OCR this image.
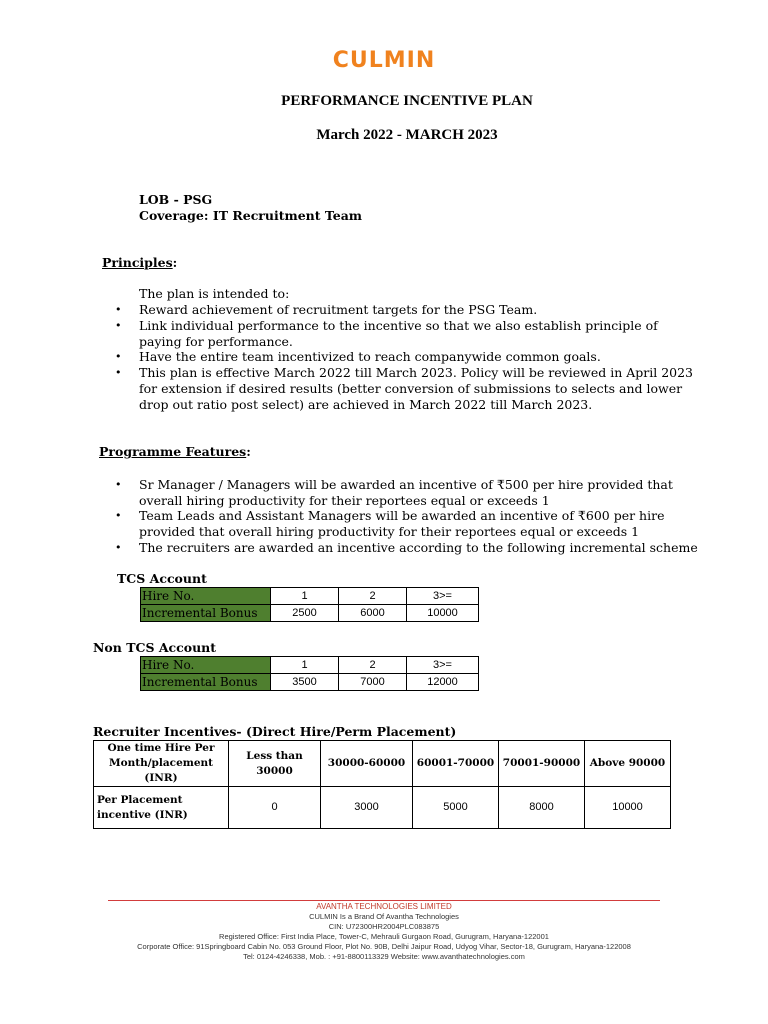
CULMIN
PERFORMANCE INCENTIVE PLAN
March 2022 - MARCH 2023
LOB - PSG
Coverage: IT Recruitment Team
Principles:
The plan is intended to:
• Reward achievement of recruitment targets for the PSG Team.
• Link individual performance to the incentive so that we also establish principle of
paying for performance.
• Have the entire team incentivized to reach companywide common goals.
• This plan is effective March 2022 till March 2023. Policy will be reviewed in April 2023
for extension if desired results (better conversion of submissions to selects and lower
drop out ratio post select) are achieved in March 2022 till March 2023.
Programme Features:
• Sr Manager / Managers will be awarded an incentive of ₹500 per hire provided that
overall hiring productivity for their reportees equal or exceeds 1
• Team Leads and Assistant Managers will be awarded an incentive of ₹600 per hire
provided that overall hiring productivity for their reportees equal or exceeds 1
• The recruiters are awarded an incentive according to the following incremental scheme
TCS Account
Hire No.	1	2	3>=
Incremental Bonus	2500	6000	10000
Non TCS Account
Hire No.	1	2	3>=
Incremental Bonus	3500	7000	12000
Recruiter Incentives- (Direct Hire/Perm Placement)
One time Hire Per Month/placement (INR)	Less than 30000	30000-60000	60001-70000	70001-90000	Above 90000
Per Placement incentive (INR)	0	3000	5000	8000	10000
AVANTHA TECHNOLOGIES LIMITED
CULMIN Is a Brand Of Avantha Technologies
CIN: U72300HR2004PLC083875
Registered Office: First India Place, Tower-C, Mehrauli Gurgaon Road, Gurugram, Haryana-122001
Corporate Office: 91Springboard Cabin No. 053 Ground Floor, Plot No. 90B, Delhi Jaipur Road, Udyog Vihar, Sector-18, Gurugram, Haryana-122008
Tel: 0124-4246338, Mob. : +91-8800113329 Website: www.avanthatechnologies.com
